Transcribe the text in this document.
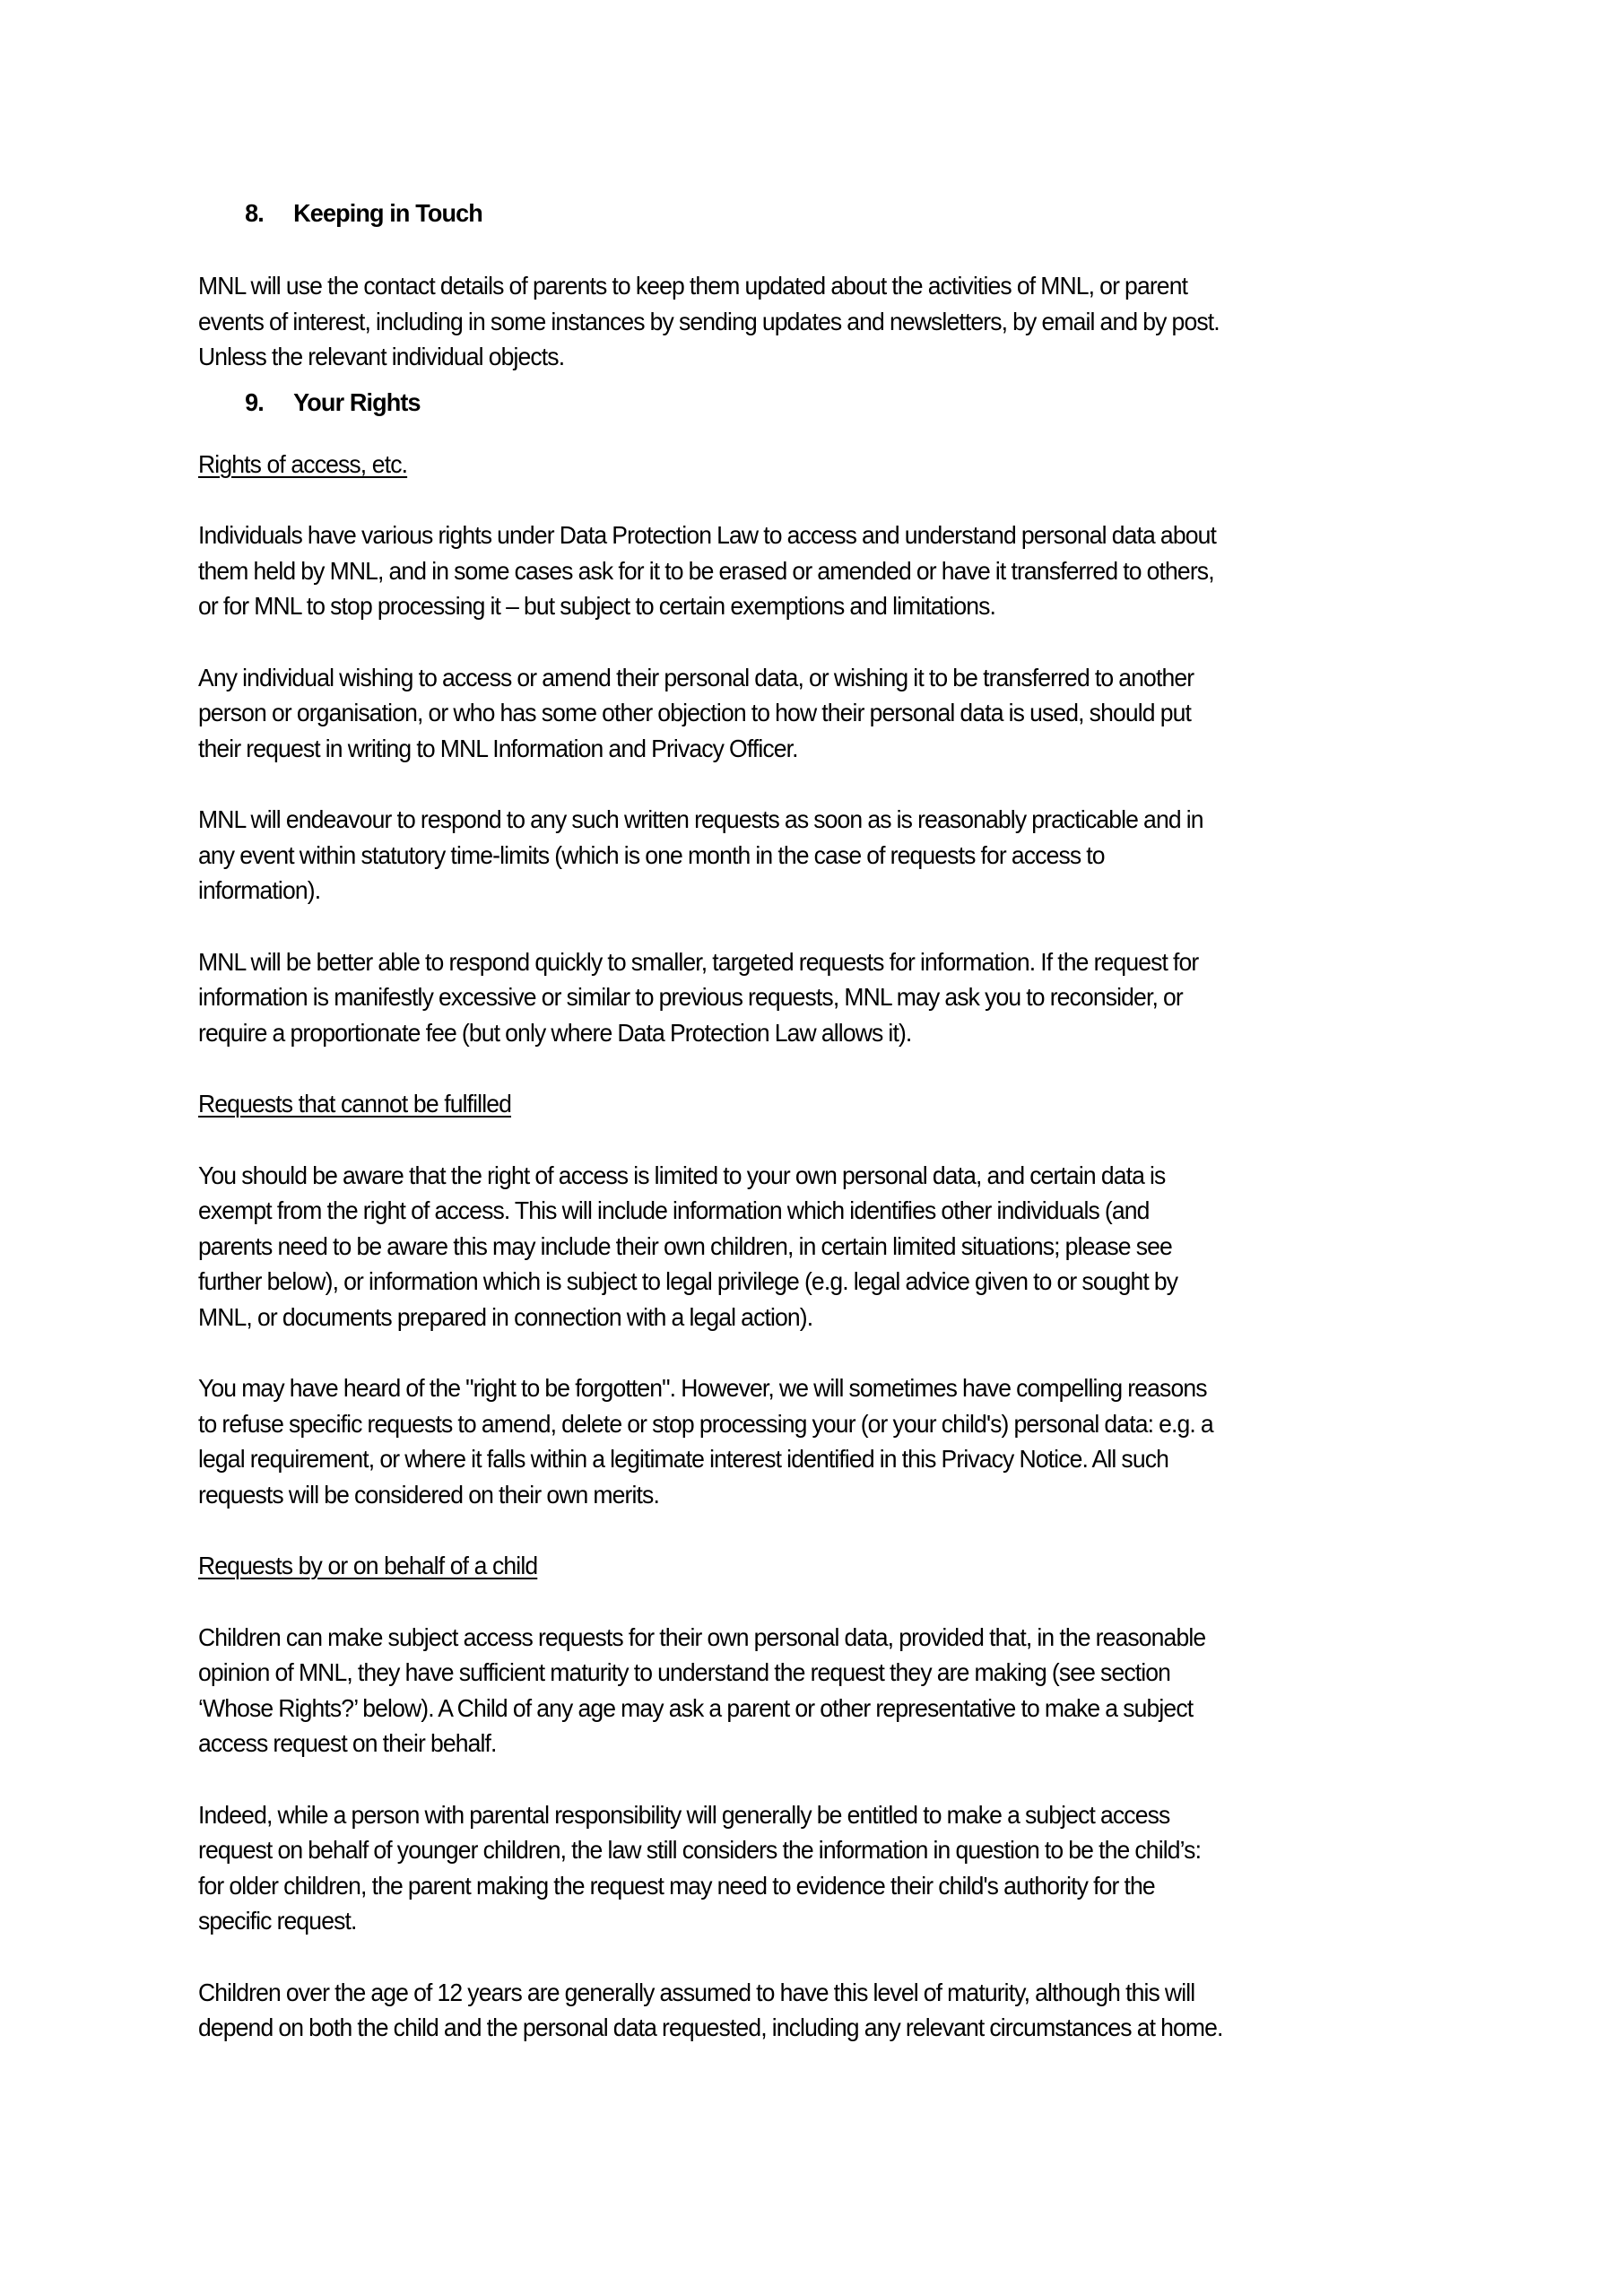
8.	Keeping in Touch
MNL will use the contact details of parents to keep them updated about the activities of MNL, or parent
events of interest, including in some instances by sending updates and newsletters, by email and by post.
Unless the relevant individual objects.
9.	Your Rights
Rights of access, etc.
Individuals have various rights under Data Protection Law to access and understand personal data about
them held by MNL, and in some cases ask for it to be erased or amended or have it transferred to others,
or for MNL to stop processing it – but subject to certain exemptions and limitations.
Any individual wishing to access or amend their personal data, or wishing it to be transferred to another
person or organisation, or who has some other objection to how their personal data is used, should put
their request in writing to MNL Information and Privacy Officer.
MNL will endeavour to respond to any such written requests as soon as is reasonably practicable and in
any event within statutory time-limits (which is one month in the case of requests for access to
information).
MNL will be better able to respond quickly to smaller, targeted requests for information. If the request for
information is manifestly excessive or similar to previous requests, MNL may ask you to reconsider, or
require a proportionate fee (but only where Data Protection Law allows it).
Requests that cannot be fulfilled
You should be aware that the right of access is limited to your own personal data, and certain data is
exempt from the right of access. This will include information which identifies other individuals (and
parents need to be aware this may include their own children, in certain limited situations; please see
further below), or information which is subject to legal privilege (e.g. legal advice given to or sought by
MNL, or documents prepared in connection with a legal action).
You may have heard of the "right to be forgotten". However, we will sometimes have compelling reasons
to refuse specific requests to amend, delete or stop processing your (or your child's) personal data: e.g. a
legal requirement, or where it falls within a legitimate interest identified in this Privacy Notice. All such
requests will be considered on their own merits.
Requests by or on behalf of a child
Children can make subject access requests for their own personal data, provided that, in the reasonable
opinion of MNL, they have sufficient maturity to understand the request they are making (see section
‘Whose Rights?’ below). A Child of any age may ask a parent or other representative to make a subject
access request on their behalf.
Indeed, while a person with parental responsibility will generally be entitled to make a subject access
request on behalf of younger children, the law still considers the information in question to be the child’s:
for older children, the parent making the request may need to evidence their child's authority for the
specific request.
Children over the age of 12 years are generally assumed to have this level of maturity, although this will
depend on both the child and the personal data requested, including any relevant circumstances at home.
